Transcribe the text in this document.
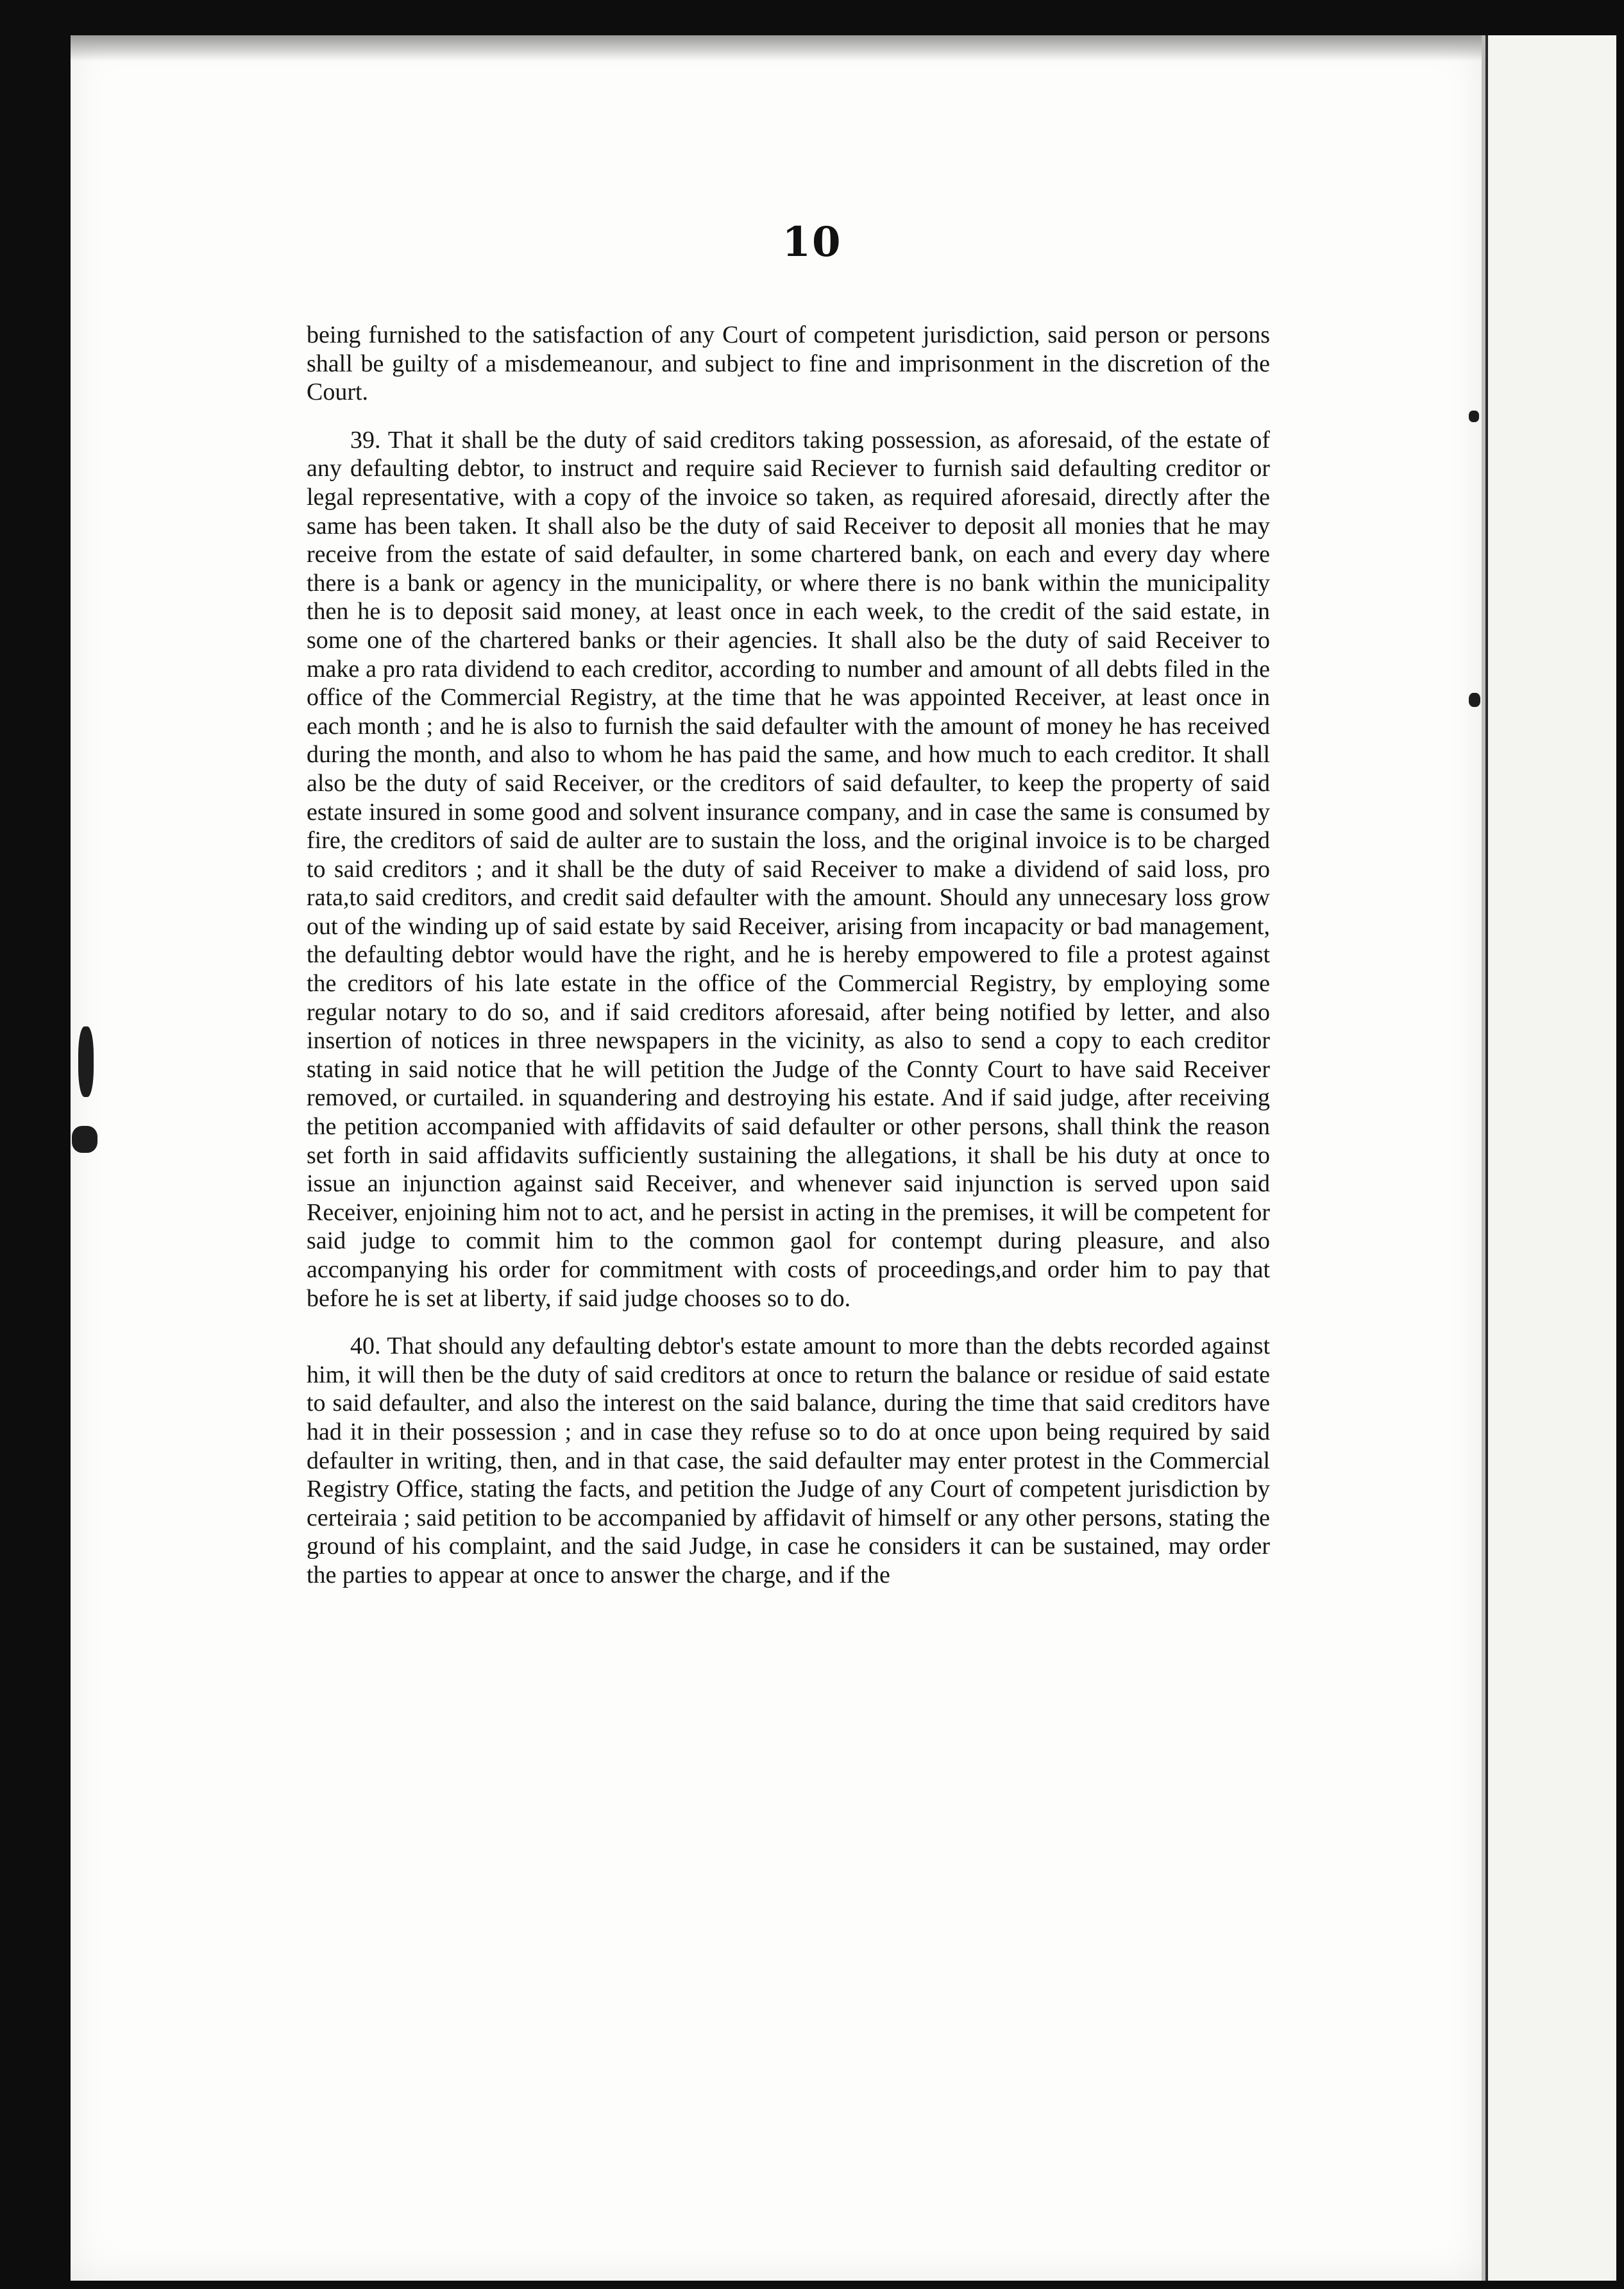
10

being furnished to the satisfaction of any Court of competent jurisdiction, said person or persons shall be guilty of a misdemeanour, and subject to fine and imprisonment in the discretion of the Court.

39. That it shall be the duty of said creditors taking possession, as aforesaid, of the estate of any defaulting debtor, to instruct and require said Reciever to furnish said defaulting creditor or legal representative, with a copy of the invoice so taken, as required aforesaid, directly after the same has been taken. It shall also be the duty of said Receiver to deposit all monies that he may receive from the estate of said defaulter, in some chartered bank, on each and every day where there is a bank or agency in the municipality, or where there is no bank within the municipality then he is to deposit said money, at least once in each week, to the credit of the said estate, in some one of the chartered banks or their agencies. It shall also be the duty of said Receiver to make a pro rata dividend to each creditor, according to number and amount of all debts filed in the office of the Commercial Registry, at the time that he was appointed Receiver, at least once in each month ; and he is also to furnish the said defaulter with the amount of money he has received during the month, and also to whom he has paid the same, and how much to each creditor. It shall also be the duty of said Receiver, or the creditors of said defaulter, to keep the property of said estate insured in some good and solvent insurance company, and in case the same is consumed by fire, the creditors of said de aulter are to sustain the loss, and the original invoice is to be charged to said creditors ; and it shall be the duty of said Receiver to make a dividend of said loss, pro rata,to said creditors, and credit said defaulter with the amount. Should any unnecesary loss grow out of the winding up of said estate by said Receiver, arising from incapacity or bad management, the defaulting debtor would have the right, and he is hereby empowered to file a protest against the creditors of his late estate in the office of the Commercial Registry, by employing some regular notary to do so, and if said creditors aforesaid, after being notified by letter, and also insertion of notices in three newspapers in the vicinity, as also to send a copy to each creditor stating in said notice that he will petition the Judge of the Connty Court to have said Receiver removed, or curtailed. in squandering and destroying his estate. And if said judge, after receiving the petition accompanied with affidavits of said defaulter or other persons, shall think the reason set forth in said affidavits sufficiently sustaining the allegations, it shall be his duty at once to issue an injunction against said Receiver, and whenever said injunction is served upon said Receiver, enjoining him not to act, and he persist in acting in the premises, it will be competent for said judge to commit him to the common gaol for contempt during pleasure, and also accompanying his order for commitment with costs of proceedings,and order him to pay that before he is set at liberty, if said judge chooses so to do.

40. That should any defaulting debtor's estate amount to more than the debts recorded against him, it will then be the duty of said creditors at once to return the balance or residue of said estate to said defaulter, and also the interest on the said balance, during the time that said creditors have had it in their possession ; and in case they refuse so to do at once upon being required by said defaulter in writing, then, and in that case, the said defaulter may enter protest in the Commercial Registry Office, stating the facts, and petition the Judge of any Court of competent jurisdiction by certeiraia ; said petition to be accompanied by affidavit of himself or any other persons, stating the ground of his complaint, and the said Judge, in case he considers it can be sustained, may order the parties to appear at once to answer the charge, and if the
